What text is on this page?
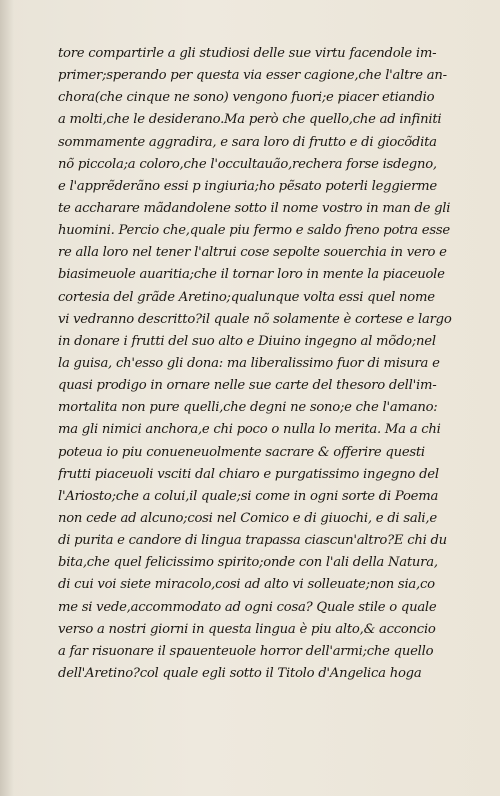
tore compartirle a gli studiosi delle sue virtu facendole im-
primer;sperando per questa via esser cagione,che l'altre an-
chora(che cinque ne sono) vengono fuori;e piacer etiandio
a molti,che le desiderano.Ma però che quello,che ad infiniti
sommamente aggradira, e sara loro di frutto e di giocõdita
nõ piccola;a coloro,che l'occultauão,rechera forse isdegno,
e l'apprẽderãno essi p ingiuria;ho pẽsato poterli leggierme
te accharare mãdandolene sotto il nome vostro in man de gli
huomini. Percio che,quale piu fermo e saldo freno potra esse
re alla loro nel tener l'altrui cose sepolte souerchia in vero e
biasimeuole auaritia;che il tornar loro in mente la piaceuole
cortesia del grãde Aretino;qualunque volta essi quel nome
vi vedranno descritto?il quale nõ solamente è cortese e largo
in donare i frutti del suo alto e Diuino ingegno al mõdo;nel
la guisa, ch'esso gli dona: ma liberalissimo fuor di misura e
quasi prodigo in ornare nelle sue carte del thesoro dell'im-
mortalita non pure quelli,che degni ne sono;e che l'amano:
ma gli nimici anchora,e chi poco o nulla lo merita. Ma a chi
poteua io piu conueneuolmente sacrare & offerire questi
frutti piaceuoli vsciti dal chiaro e purgatissimo ingegno del
l'Ariosto;che a colui,il quale;si come in ogni sorte di Poema
non cede ad alcuno;cosi nel Comico e di giuochi, e di sali,e
di purita e candore di lingua trapassa ciascun'altro?E chi du
bita,che quel felicissimo spirito;onde con l'ali della Natura,
di cui voi siete miracolo,cosi ad alto vi solleuate;non sia,co
me si vede,accommodato ad ogni cosa? Quale stile o quale
verso a nostri giorni in questa lingua è piu alto,& acconcio
a far risuonare il spauenteuole horror dell'armi;che quello
dell'Aretino?col quale egli sotto il Titolo d'Angelica hoga
